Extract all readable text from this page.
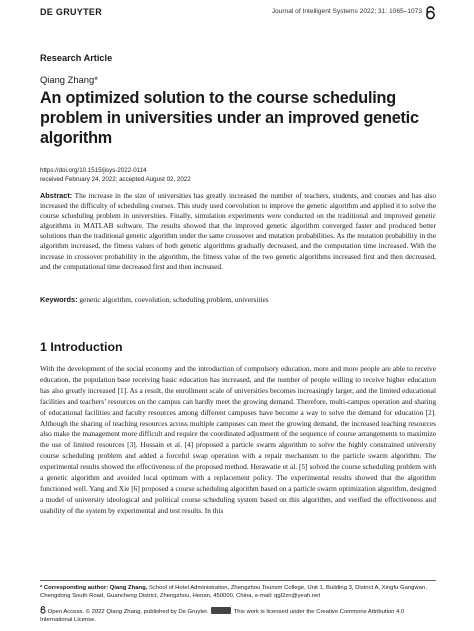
DE GRUYTER	Journal of Intelligent Systems 2022; 31: 1065–1073
Research Article
Qiang Zhang*
An optimized solution to the course scheduling problem in universities under an improved genetic algorithm
https://doi.org/10.1515/jisys-2022-0114
received February 24, 2022; accepted August 02, 2022
Abstract: The increase in the size of universities has greatly increased the number of teachers, students, and courses and has also increased the difficulty of scheduling courses. This study used coevolution to improve the genetic algorithm and applied it to solve the course scheduling problem in universities. Finally, simulation experiments were conducted on the traditional and improved genetic algorithms in MATLAB software. The results showed that the improved genetic algorithm converged faster and produced better solutions than the traditional genetic algorithm under the same crossover and mutation probabilities. As the mutation probability in the algorithm increased, the fitness values of both genetic algorithms gradually decreased, and the computation time increased. With the increase in crossover probability in the algorithm, the fitness value of the two genetic algorithms increased first and then decreased, and the computational time decreased first and then increased.
Keywords: genetic algorithm, coevolution, scheduling problem, universities
1 Introduction
With the development of the social economy and the introduction of compulsory education, more and more people are able to receive education, the population base receiving basic education has increased, and the number of people willing to receive higher education has also greatly increased [1]. As a result, the enrollment scale of universities becomes increasingly larger, and the limited educational facilities and teachers’ resources on the campus can hardly meet the growing demand. Therefore, multi-campus operation and sharing of educational facilities and faculty resources among different campuses have become a way to solve the demand for education [2]. Although the sharing of teaching resources across multiple campuses can meet the growing demand, the increased teaching resources also make the management more difficult and require the coordinated adjustment of the sequence of course arrangements to maximize the use of limited resources [3]. Hossain et al. [4] proposed a particle swarm algorithm to solve the highly constrained university course scheduling problem and added a forceful swap operation with a repair mechanism to the particle swarm algorithm. The experimental results showed the effectiveness of the proposed method. Herawatie et al. [5] solved the course scheduling problem with a genetic algorithm and avoided local optimum with a replacement policy. The experimental results showed that the algorithm functioned well. Yang and Xie [6] proposed a course scheduling algorithm based on a particle swarm optimization algorithm, designed a model of university ideological and political course scheduling system based on this algorithm, and verified the effectiveness and usability of the system by experimental and test results. In this
* Corresponding author: Qiang Zhang, School of Hotel Administration, Zhengzhou Tourism College, Unit 1, Building 3, District A, Xingfu Gangwan, Chengdong South Road, Guancheng District, Zhengzhou, Henan, 450000, China, e-mail: qgl2zn@yeah.net
Open Access. © 2022 Qiang Zhang, published by De Gruyter.	This work is licensed under the Creative Commons Attribution 4.0 International License.
